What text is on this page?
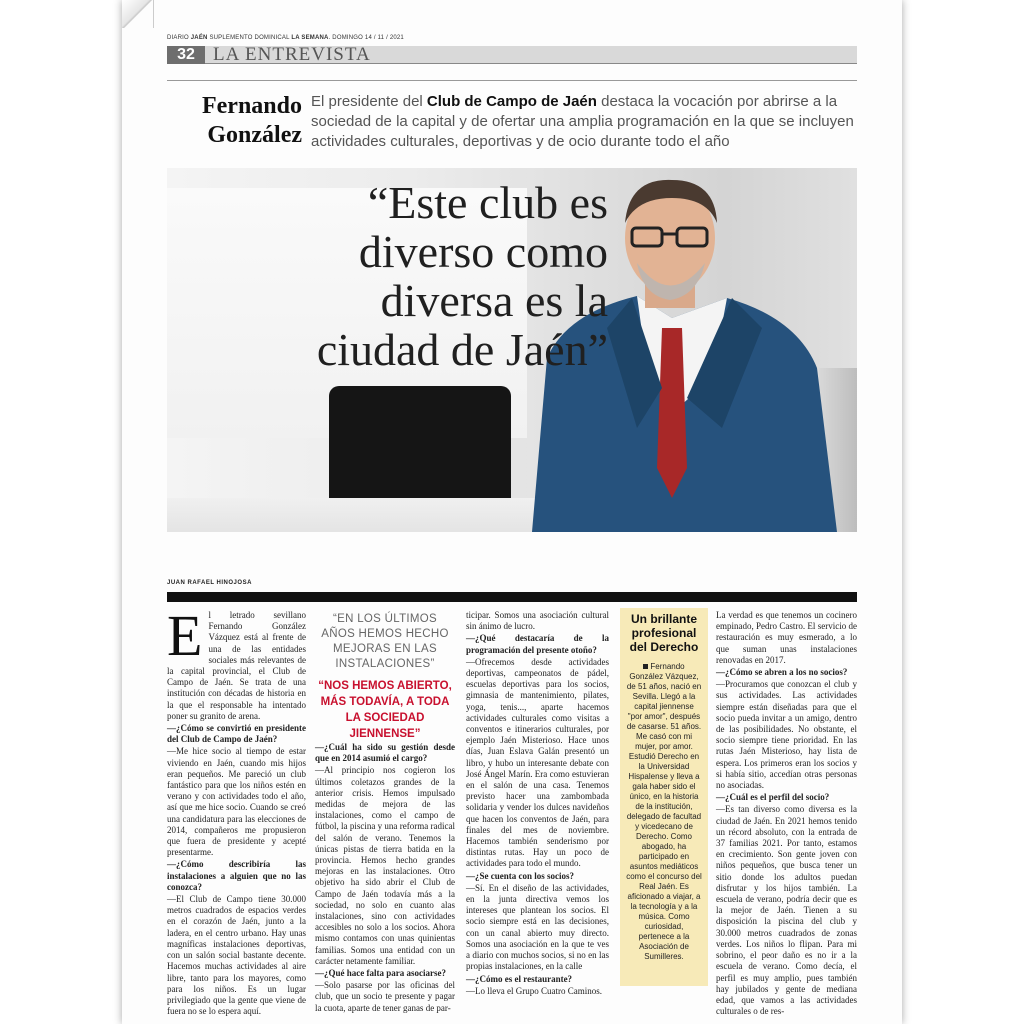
DIARIO JAÉN SUPLEMENTO DOMINICAL LA SEMANA. DOMINGO 14 / 11 / 2021
32 LA ENTREVISTA
Fernando
González
El presidente del Club de Campo de Jaén destaca la vocación por abrirse a la sociedad de la capital y de ofertar una amplia programación en la que se incluyen actividades culturales, deportivas y de ocio durante todo el año
“Este club es
diverso como
diversa es la
ciudad de Jaén”
JUAN RAFAEL HINOJOSA
E l letrado sevillano Fernando González Vázquez está al frente de una de las entidades sociales más relevantes de la capital provincial, el Club de Campo de Jaén. Se trata de una institución con décadas de historia en la que el responsable ha intentado poner su granito de arena.

—¿Cómo se convirtió en presidente del Club de Campo de Jaén?

—Me hice socio al tiempo de estar viviendo en Jaén, cuando mis hijos eran pequeños. Me pareció un club fantástico para que los niños estén en verano y con actividades todo el año, así que me hice socio. Cuando se creó una candidatura para las elecciones de 2014, compañeros me propusieron que fuera de presidente y acepté presentarme.

—¿Cómo describiría las instalaciones a alguien que no las conozca?

—El Club de Campo tiene 30.000 metros cuadrados de espacios verdes en el corazón de Jaén, junto a la ladera, en el centro urbano. Hay unas magníficas instalaciones deportivas, con un salón social bastante decente. Hacemos muchas actividades al aire libre, tanto para los mayores, como para los niños. Es un lugar privilegiado que la gente que viene de fuera no se lo espera aquí.

“EN LOS ÚLTIMOS AÑOS HEMOS HECHO MEJORAS EN LAS INSTALACIONES”
“NOS HEMOS ABIERTO, MÁS TODAVÍA, A TODA LA SOCIEDAD JIENNENSE”

—¿Cuál ha sido su gestión desde que en 2014 asumió el cargo?

—Al principio nos cogieron los últimos coletazos grandes de la anterior crisis. Hemos impulsado medidas de mejora de las instalaciones, como el campo de fútbol, la piscina y una reforma radical del salón de verano. Tenemos la únicas pistas de tierra batida en la provincia. Hemos hecho grandes mejoras en las instalaciones. Otro objetivo ha sido abrir el Club de Campo de Jaén todavía más a la sociedad, no solo en cuanto alas instalaciones, sino con actividades accesibles no solo a los socios. Ahora mismo contamos con unas quinientas familias. Somos una entidad con un carácter netamente familiar.

—¿Qué hace falta para asociarse?

—Solo pasarse por las oficinas del club, que un socio te presente y pagar la cuota, aparte de tener ganas de par-

ticipar. Somos una asociación cultural sin ánimo de lucro.

—¿Qué destacaría de la programación del presente otoño?

—Ofrecemos desde actividades deportivas, campeonatos de pádel, escuelas deportivas para los socios, gimnasia de mantenimiento, pilates, yoga, tenis..., aparte hacemos actividades culturales como visitas a conventos e itinerarios culturales, por ejemplo Jaén Misterioso. Hace unos días, Juan Eslava Galán presentó un libro, y hubo un interesante debate con José Ángel Marín. Era como estuvieran en el salón de una casa. Tenemos previsto hacer una zambombada solidaria y vender los dulces navideños que hacen los conventos de Jaén, para finales del mes de noviembre. Hacemos también senderismo por distintas rutas. Hay un poco de actividades para todo el mundo.

—¿Se cuenta con los socios?

—Sí. En el diseño de las actividades, en la junta directiva vemos los intereses que plantean los socios. El socio siempre está en las decisiones, con un canal abierto muy directo. Somos una asociación en la que te ves a diario con muchos socios, si no en las propias instalaciones, en la calle

—¿Cómo es el restaurante?

—Lo lleva el Grupo Cuatro Caminos.

Un brillante profesional del Derecho

Fernando González Vázquez, de 51 años, nació en Sevilla. Llegó a la capital jiennense "por amor", después de casarse. 51 años. Me casó con mi mujer, por amor. Estudió Derecho en la Universidad Hispalense y lleva a gala haber sido el único, en la historia de la institución, delegado de facultad y vicedecano de Derecho. Como abogado, ha participado en asuntos mediáticos como el concurso del Real Jaén. Es aficionado a viajar, a la tecnología y a la música. Como curiosidad, pertenece a la Asociación de Sumilleres.

La verdad es que tenemos un cocinero empinado, Pedro Castro. El servicio de restauración es muy esmerado, a lo que suman unas instalaciones renovadas en 2017.

—¿Cómo se abren a los no socios?

—Procuramos que conozcan el club y sus actividades. Las actividades siempre están diseñadas para que el socio pueda invitar a un amigo, dentro de las posibilidades. No obstante, el socio siempre tiene prioridad. En las rutas Jaén Misterioso, hay lista de espera. Los primeros eran los socios y si había sitio, accedían otras personas no asociadas.

—¿Cuál es el perfil del socio?

—Es tan diverso como diversa es la ciudad de Jaén. En 2021 hemos tenido un récord absoluto, con la entrada de 37 familias 2021. Por tanto, estamos en crecimiento. Son gente joven con niños pequeños, que busca tener un sitio donde los adultos puedan disfrutar y los hijos también. La escuela de verano, podría decir que es la mejor de Jaén. Tienen a su disposición la piscina del club y 30.000 metros cuadrados de zonas verdes. Los niños lo flipan. Para mi sobrino, el peor daño es no ir a la escuela de verano. Como decía, el perfil es muy amplio, pues también hay jubilados y gente de mediana edad, que vamos a las actividades culturales o de res-
